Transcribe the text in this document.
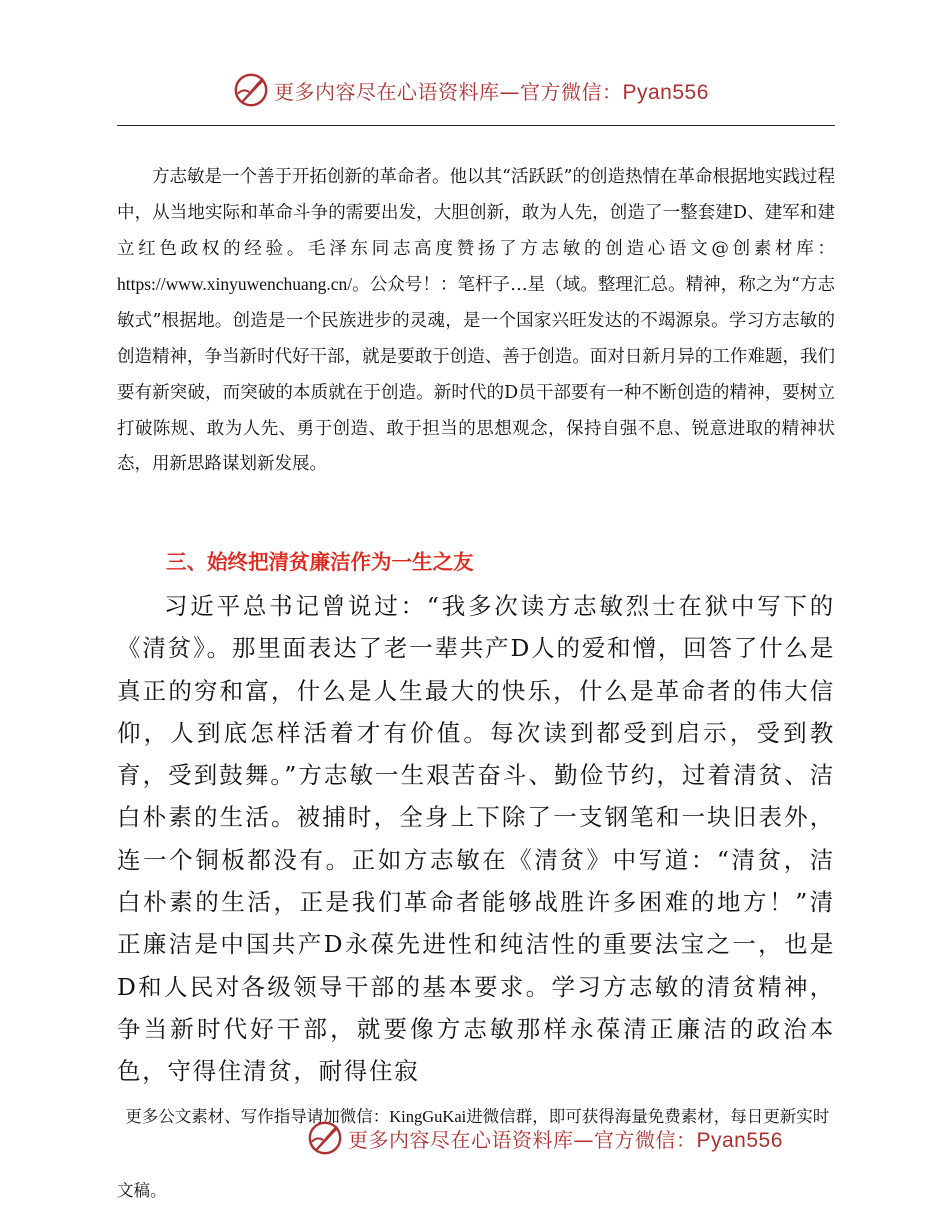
更多内容尽在心语资料库—官方微信：Pyan556

方志敏是一个善于开拓创新的革命者。他以其“活跃跃”的创造热情在革命根据地实践过程中，从当地实际和革命斗争的需要出发，大胆创新，敢为人先，创造了一整套建D、建军和建立红色政权的经验。毛泽东同志高度赞扬了方志敏的创造心语文@创素材库：https://www.xinyuwenchuang.cn/。公众号！：笔杆子…星（域。整理汇总。精神，称之为“方志敏式”根据地。创造是一个民族进步的灵魂，是一个国家兴旺发达的不竭源泉。学习方志敏的创造精神，争当新时代好干部，就是要敢于创造、善于创造。面对日新月异的工作难题，我们要有新突破，而突破的本质就在于创造。新时代的D员干部要有一种不断创造的精神，要树立打破陈规、敢为人先、勇于创造、敢于担当的思想观念，保持自强不息、锐意进取的精神状态，用新思路谋划新发展。

三、始终把清贫廉洁作为一生之友

习近平总书记曾说过：“我多次读方志敏烈士在狱中写下的《清贫》。那里面表达了老一辈共产D人的爱和憎，回答了什么是真正的穷和富，什么是人生最大的快乐，什么是革命者的伟大信仰，人到底怎样活着才有价值。每次读到都受到启示，受到教育，受到鼓舞。”方志敏一生艰苦奋斗、勤俭节约，过着清贫、洁白朴素的生活。被捕时，全身上下除了一支钢笔和一块旧表外，连一个铜板都没有。正如方志敏在《清贫》中写道：“清贫，洁白朴素的生活，正是我们革命者能够战胜许多困难的地方！”清正廉洁是中国共产D永葆先进性和纯洁性的重要法宝之一，也是D和人民对各级领导干部的基本要求。学习方志敏的清贫精神，争当新时代好干部，就要像方志敏那样永葆清正廉洁的政治本色，守得住清贫，耐得住寂

更多公文素材、写作指导请加微信：KingGuKai进微信群，即可获得海量免费素材，每日更新实时文稿。

更多内容尽在心语资料库—官方微信：Pyan556
